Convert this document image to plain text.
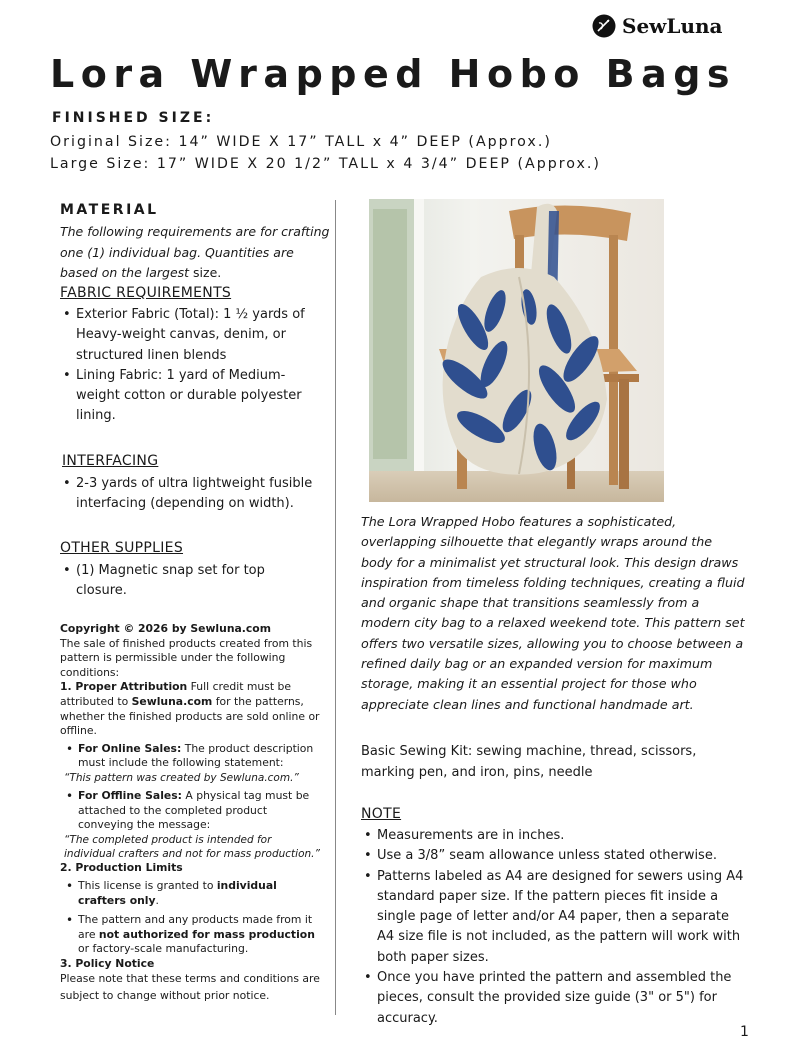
SewLuna
Lora Wrapped Hobo Bags
FINISHED SIZE:
Original Size: 14” WIDE X 17” TALL x 4” DEEP (Approx.)
Large Size: 17” WIDE X 20 1/2” TALL x 4 3/4” DEEP (Approx.)
MATERIAL
The following requirements are for crafting one (1) individual bag. Quantities are based on the largest size.
FABRIC REQUIREMENTS
• Exterior Fabric (Total): 1 ½ yards of Heavy-weight canvas, denim, or structured linen blends
• Lining Fabric: 1 yard of Medium-weight cotton or durable polyester lining.
INTERFACING
• 2-3 yards of ultra lightweight fusible interfacing (depending on width).
OTHER SUPPLIES
• (1) Magnetic snap set for top closure.
Copyright © 2026 by Sewluna.com
The sale of finished products created from this pattern is permissible under the following conditions:
1. Proper Attribution Full credit must be attributed to Sewluna.com for the patterns, whether the finished products are sold online or offline.
• For Online Sales: The product description must include the following statement:
“This pattern was created by Sewluna.com.”
• For Offline Sales: A physical tag must be attached to the completed product conveying the message:
“The completed product is intended for individual crafters and not for mass production.”
2. Production Limits
• This license is granted to individual crafters only.
• The pattern and any products made from it are not authorized for mass production or factory-scale manufacturing.
3. Policy Notice
Please note that these terms and conditions are subject to change without prior notice.
The Lora Wrapped Hobo features a sophisticated, overlapping silhouette that elegantly wraps around the body for a minimalist yet structural look. This design draws inspiration from timeless folding techniques, creating a fluid and organic shape that transitions seamlessly from a modern city bag to a relaxed weekend tote. This pattern set offers two versatile sizes, allowing you to choose between a refined daily bag or an expanded version for maximum storage, making it an essential project for those who appreciate clean lines and functional handmade art.
Basic Sewing Kit: sewing machine, thread, scissors, marking pen, and iron, pins, needle
NOTE
• Measurements are in inches.
• Use a 3/8” seam allowance unless stated otherwise.
• Patterns labeled as A4 are designed for sewers using A4 standard paper size. If the pattern pieces fit inside a single page of letter and/or A4 paper, then a separate A4 size file is not included, as the pattern will work with both paper sizes.
• Once you have printed the pattern and assembled the pieces, consult the provided size guide (3" or 5") for accuracy.
1
